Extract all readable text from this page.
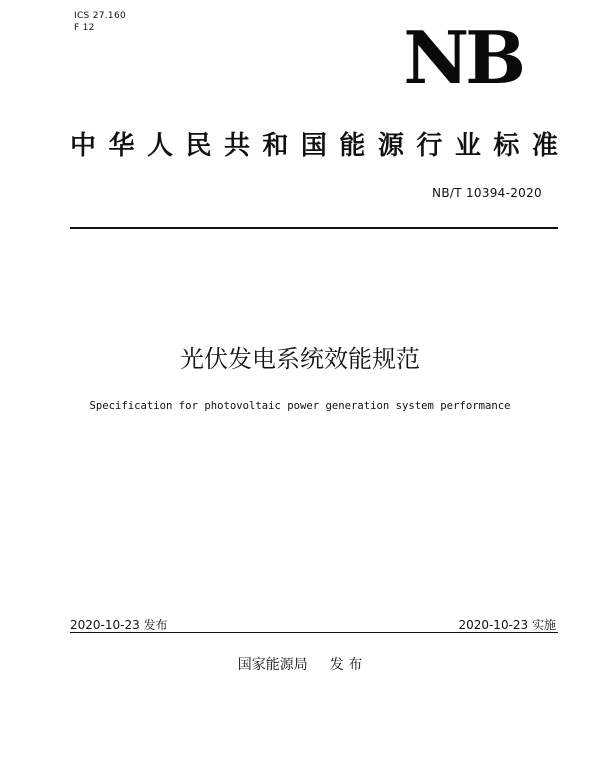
ICS 27.160
F 12	NB
中 华 人 民 共 和 国 能 源 行 业 标 准
NB/T 10394-2020
光伏发电系统效能规范
Specification for photovoltaic power generation system performance
2020-10-23 发布	2020-10-23 实施
国家能源局 发 布
